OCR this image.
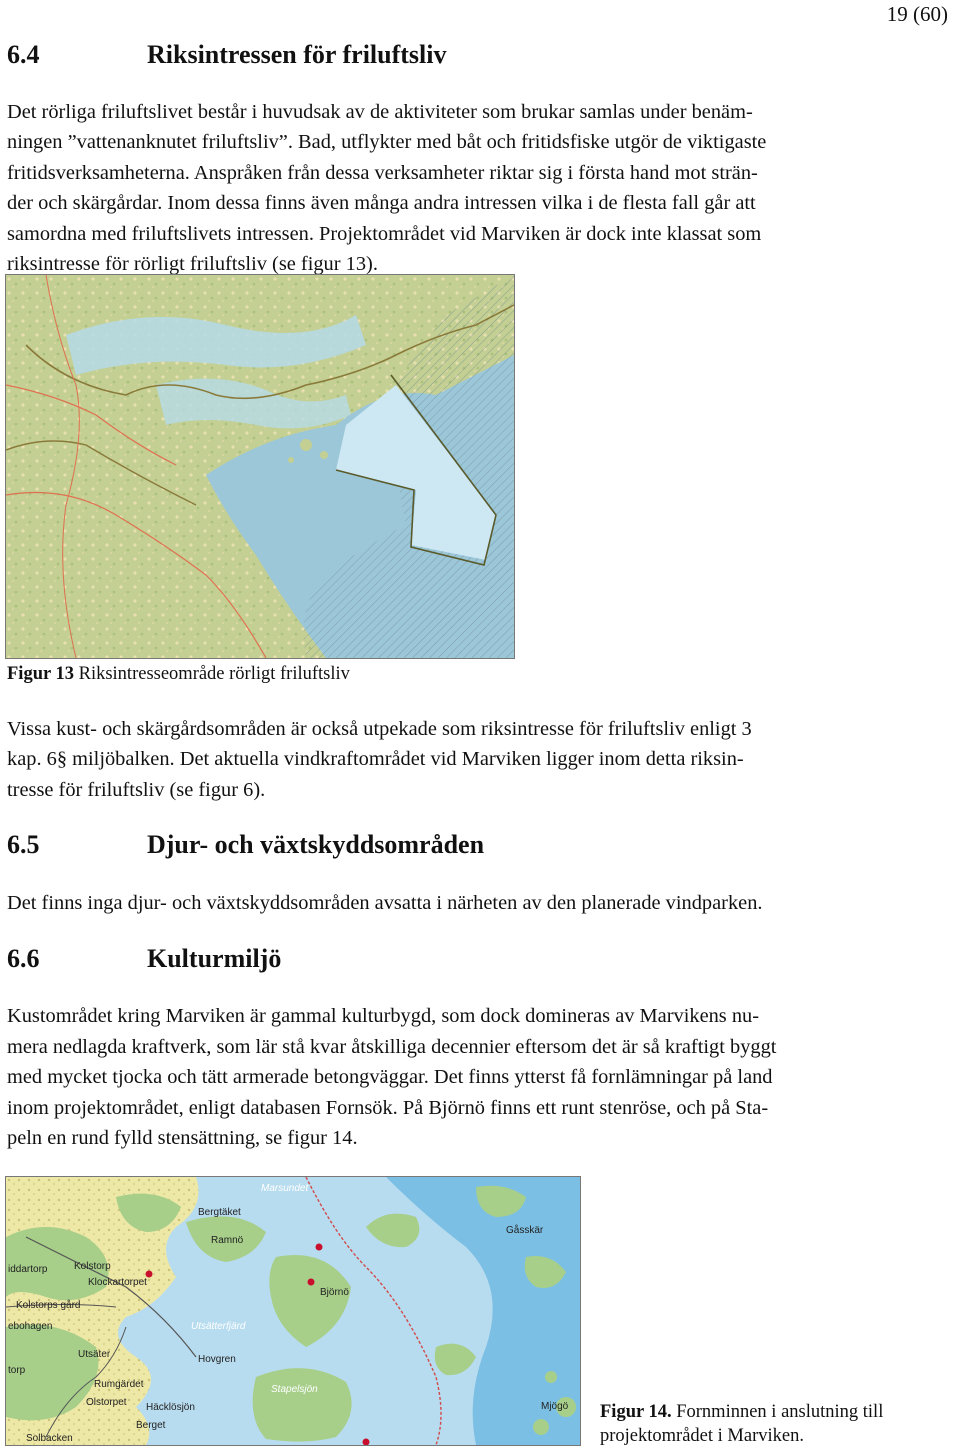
19 (60)
6.4	Riksintressen för friluftsliv
Det rörliga friluftslivet består i huvudsak av de aktiviteter som brukar samlas under benäm-
ningen ”vattenanknutet friluftsliv”. Bad, utflykter med båt och fritidsfiske utgör de viktigaste
fritidsverksamheterna. Anspråken från dessa verksamheter riktar sig i första hand mot strän-
der och skärgårdar. Inom dessa finns även många andra intressen vilka i de flesta fall går att
samordna med friluftslivets intressen. Projektområdet vid Marviken är dock inte klassat som
riksintresse för rörligt friluftsliv (se figur 13).
Figur 13 Riksintresseområde rörligt friluftsliv
Vissa kust- och skärgårdsområden är också utpekade som riksintresse för friluftsliv enligt 3
kap. 6§ miljöbalken. Det aktuella vindkraftområdet vid Marviken ligger inom detta riksin-
tresse för friluftsliv (se figur 6).
6.5	Djur- och växtskyddsområden
Det finns inga djur- och växtskyddsområden avsatta i närheten av den planerade vindparken.
6.6	Kulturmiljö
Kustområdet kring Marviken är gammal kulturbygd, som dock domineras av Marvikens nu-
mera nedlagda kraftverk, som lär stå kvar åtskilliga decennier eftersom det är så kraftigt byggt
med mycket tjocka och tätt armerade betongväggar. Det finns ytterst få fornlämningar på land
inom projektområdet, enligt databasen Fornsök. På Björnö finns ett runt stenröse, och på Sta-
peln en rund fylld stensättning, se figur 14.
Marsundet
Gåsskär
Bergtäket
Ramnö
Kolstorp
iddartorp
Klockartorpet
Björnö
Kolstorps gård
Utsätterfjärd
ebohagen
Utsäter
torp
Hovgren
Rumgärdet
Olstorpet
Stapelsjön
Häcklösjön
Berget
Solbacken
Mjögö Figur 14. Fornminnen i anslutning till
projektområdet i Marviken.
